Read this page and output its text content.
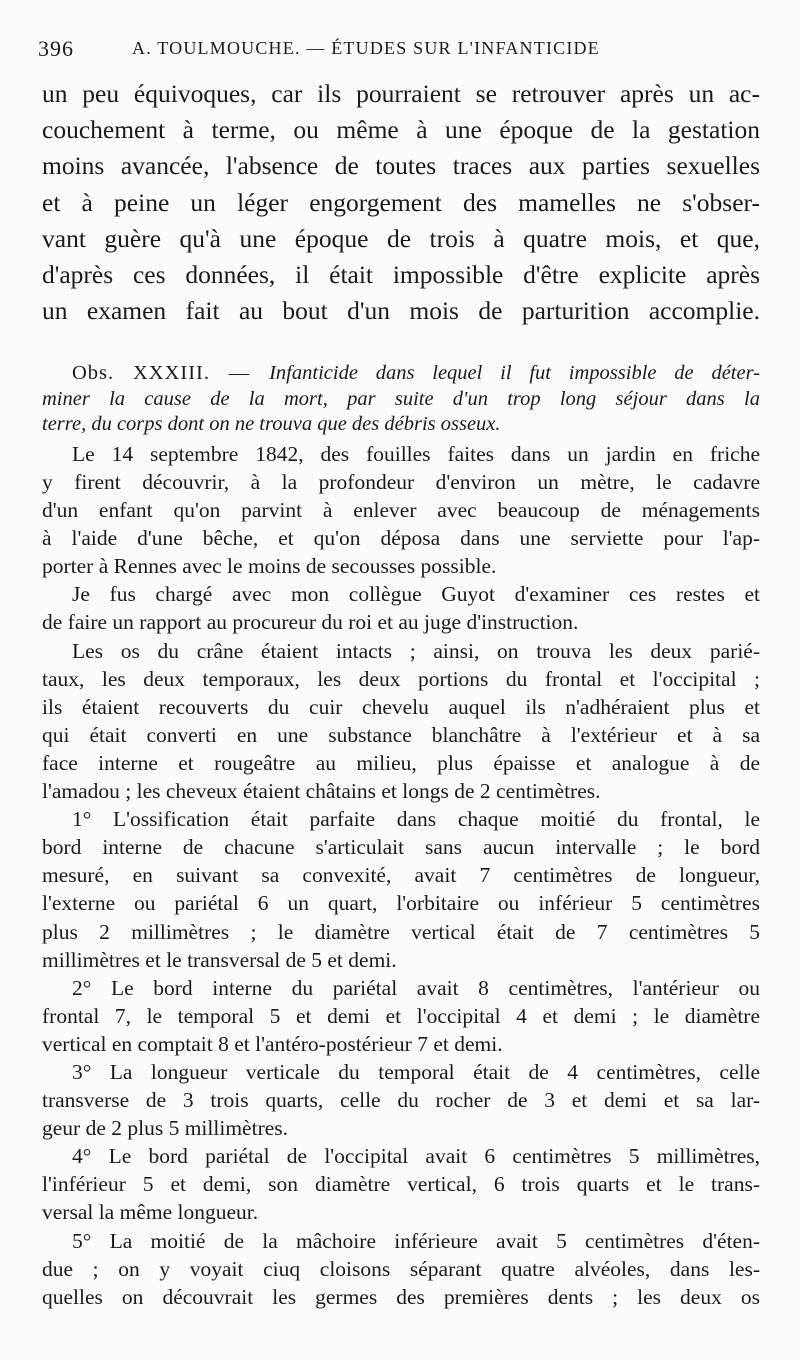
396	A. TOULMOUCHE. — ÉTUDES SUR L'INFANTICIDE
un peu équivoques, car ils pourraient se retrouver après un ac-
couchement à terme, ou même à une époque de la gestation
moins avancée, l'absence de toutes traces aux parties sexuelles
et à peine un léger engorgement des mamelles ne s'obser-
vant guère qu'à une époque de trois à quatre mois, et que,
d'après ces données, il était impossible d'être explicite après
un examen fait au bout d'un mois de parturition accomplie.
Obs. XXXIII. — Infanticide dans lequel il fut impossible de déter-
miner la cause de la mort, par suite d'un trop long séjour dans la
terre, du corps dont on ne trouva que des débris osseux.
Le 14 septembre 1842, des fouilles faites dans un jardin en friche
y firent découvrir, à la profondeur d'environ un mètre, le cadavre
d'un enfant qu'on parvint à enlever avec beaucoup de ménagements
à l'aide d'une bêche, et qu'on déposa dans une serviette pour l'ap-
porter à Rennes avec le moins de secousses possible.
Je fus chargé avec mon collègue Guyot d'examiner ces restes et
de faire un rapport au procureur du roi et au juge d'instruction.
Les os du crâne étaient intacts ; ainsi, on trouva les deux parié-
taux, les deux temporaux, les deux portions du frontal et l'occipital ;
ils étaient recouverts du cuir chevelu auquel ils n'adhéraient plus et
qui était converti en une substance blanchâtre à l'extérieur et à sa
face interne et rougeâtre au milieu, plus épaisse et analogue à de
l'amadou ; les cheveux étaient châtains et longs de 2 centimètres.
1° L'ossification était parfaite dans chaque moitié du frontal, le
bord interne de chacune s'articulait sans aucun intervalle ; le bord
mesuré, en suivant sa convexité, avait 7 centimètres de longueur,
l'externe ou pariétal 6 un quart, l'orbitaire ou inférieur 5 centimètres
plus 2 millimètres ; le diamètre vertical était de 7 centimètres 5
millimètres et le transversal de 5 et demi.
2° Le bord interne du pariétal avait 8 centimètres, l'antérieur ou
frontal 7, le temporal 5 et demi et l'occipital 4 et demi ; le diamètre
vertical en comptait 8 et l'antéro-postérieur 7 et demi.
3° La longueur verticale du temporal était de 4 centimètres, celle
transverse de 3 trois quarts, celle du rocher de 3 et demi et sa lar-
geur de 2 plus 5 millimètres.
4° Le bord pariétal de l'occipital avait 6 centimètres 5 millimètres,
l'inférieur 5 et demi, son diamètre vertical, 6 trois quarts et le trans-
versal la même longueur.
5° La moitié de la mâchoire inférieure avait 5 centimètres d'éten-
due ; on y voyait ciuq cloisons séparant quatre alvéoles, dans les-
quelles on découvrait les germes des premières dents ; les deux os
